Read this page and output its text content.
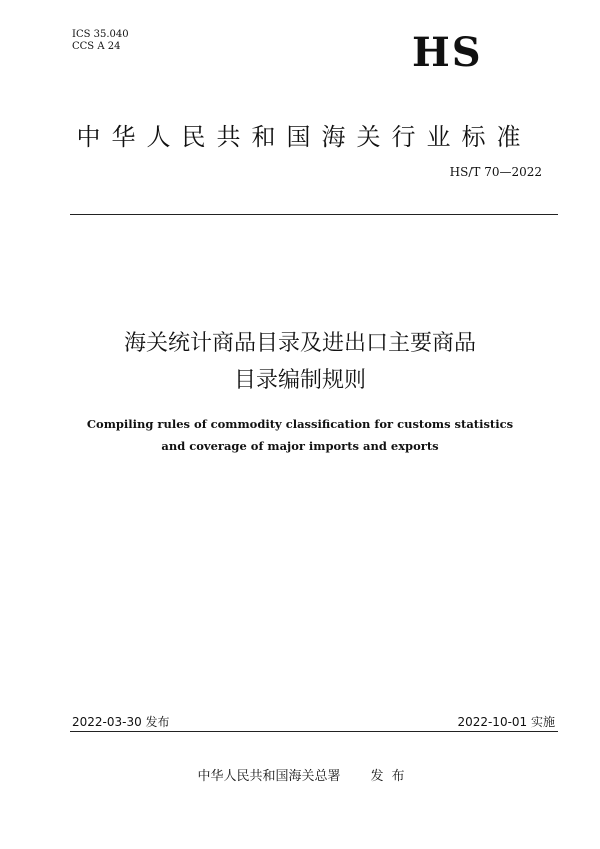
ICS 35.040
CCS A 24	HS
中华人民共和国海关行业标准
HS/T 70—2022
海关统计商品目录及进出口主要商品
目录编制规则
Compiling rules of commodity classification for customs statistics
and coverage of major imports and exports
2022-03-30 发布	2022-10-01 实施
中华人民共和国海关总署 发布
